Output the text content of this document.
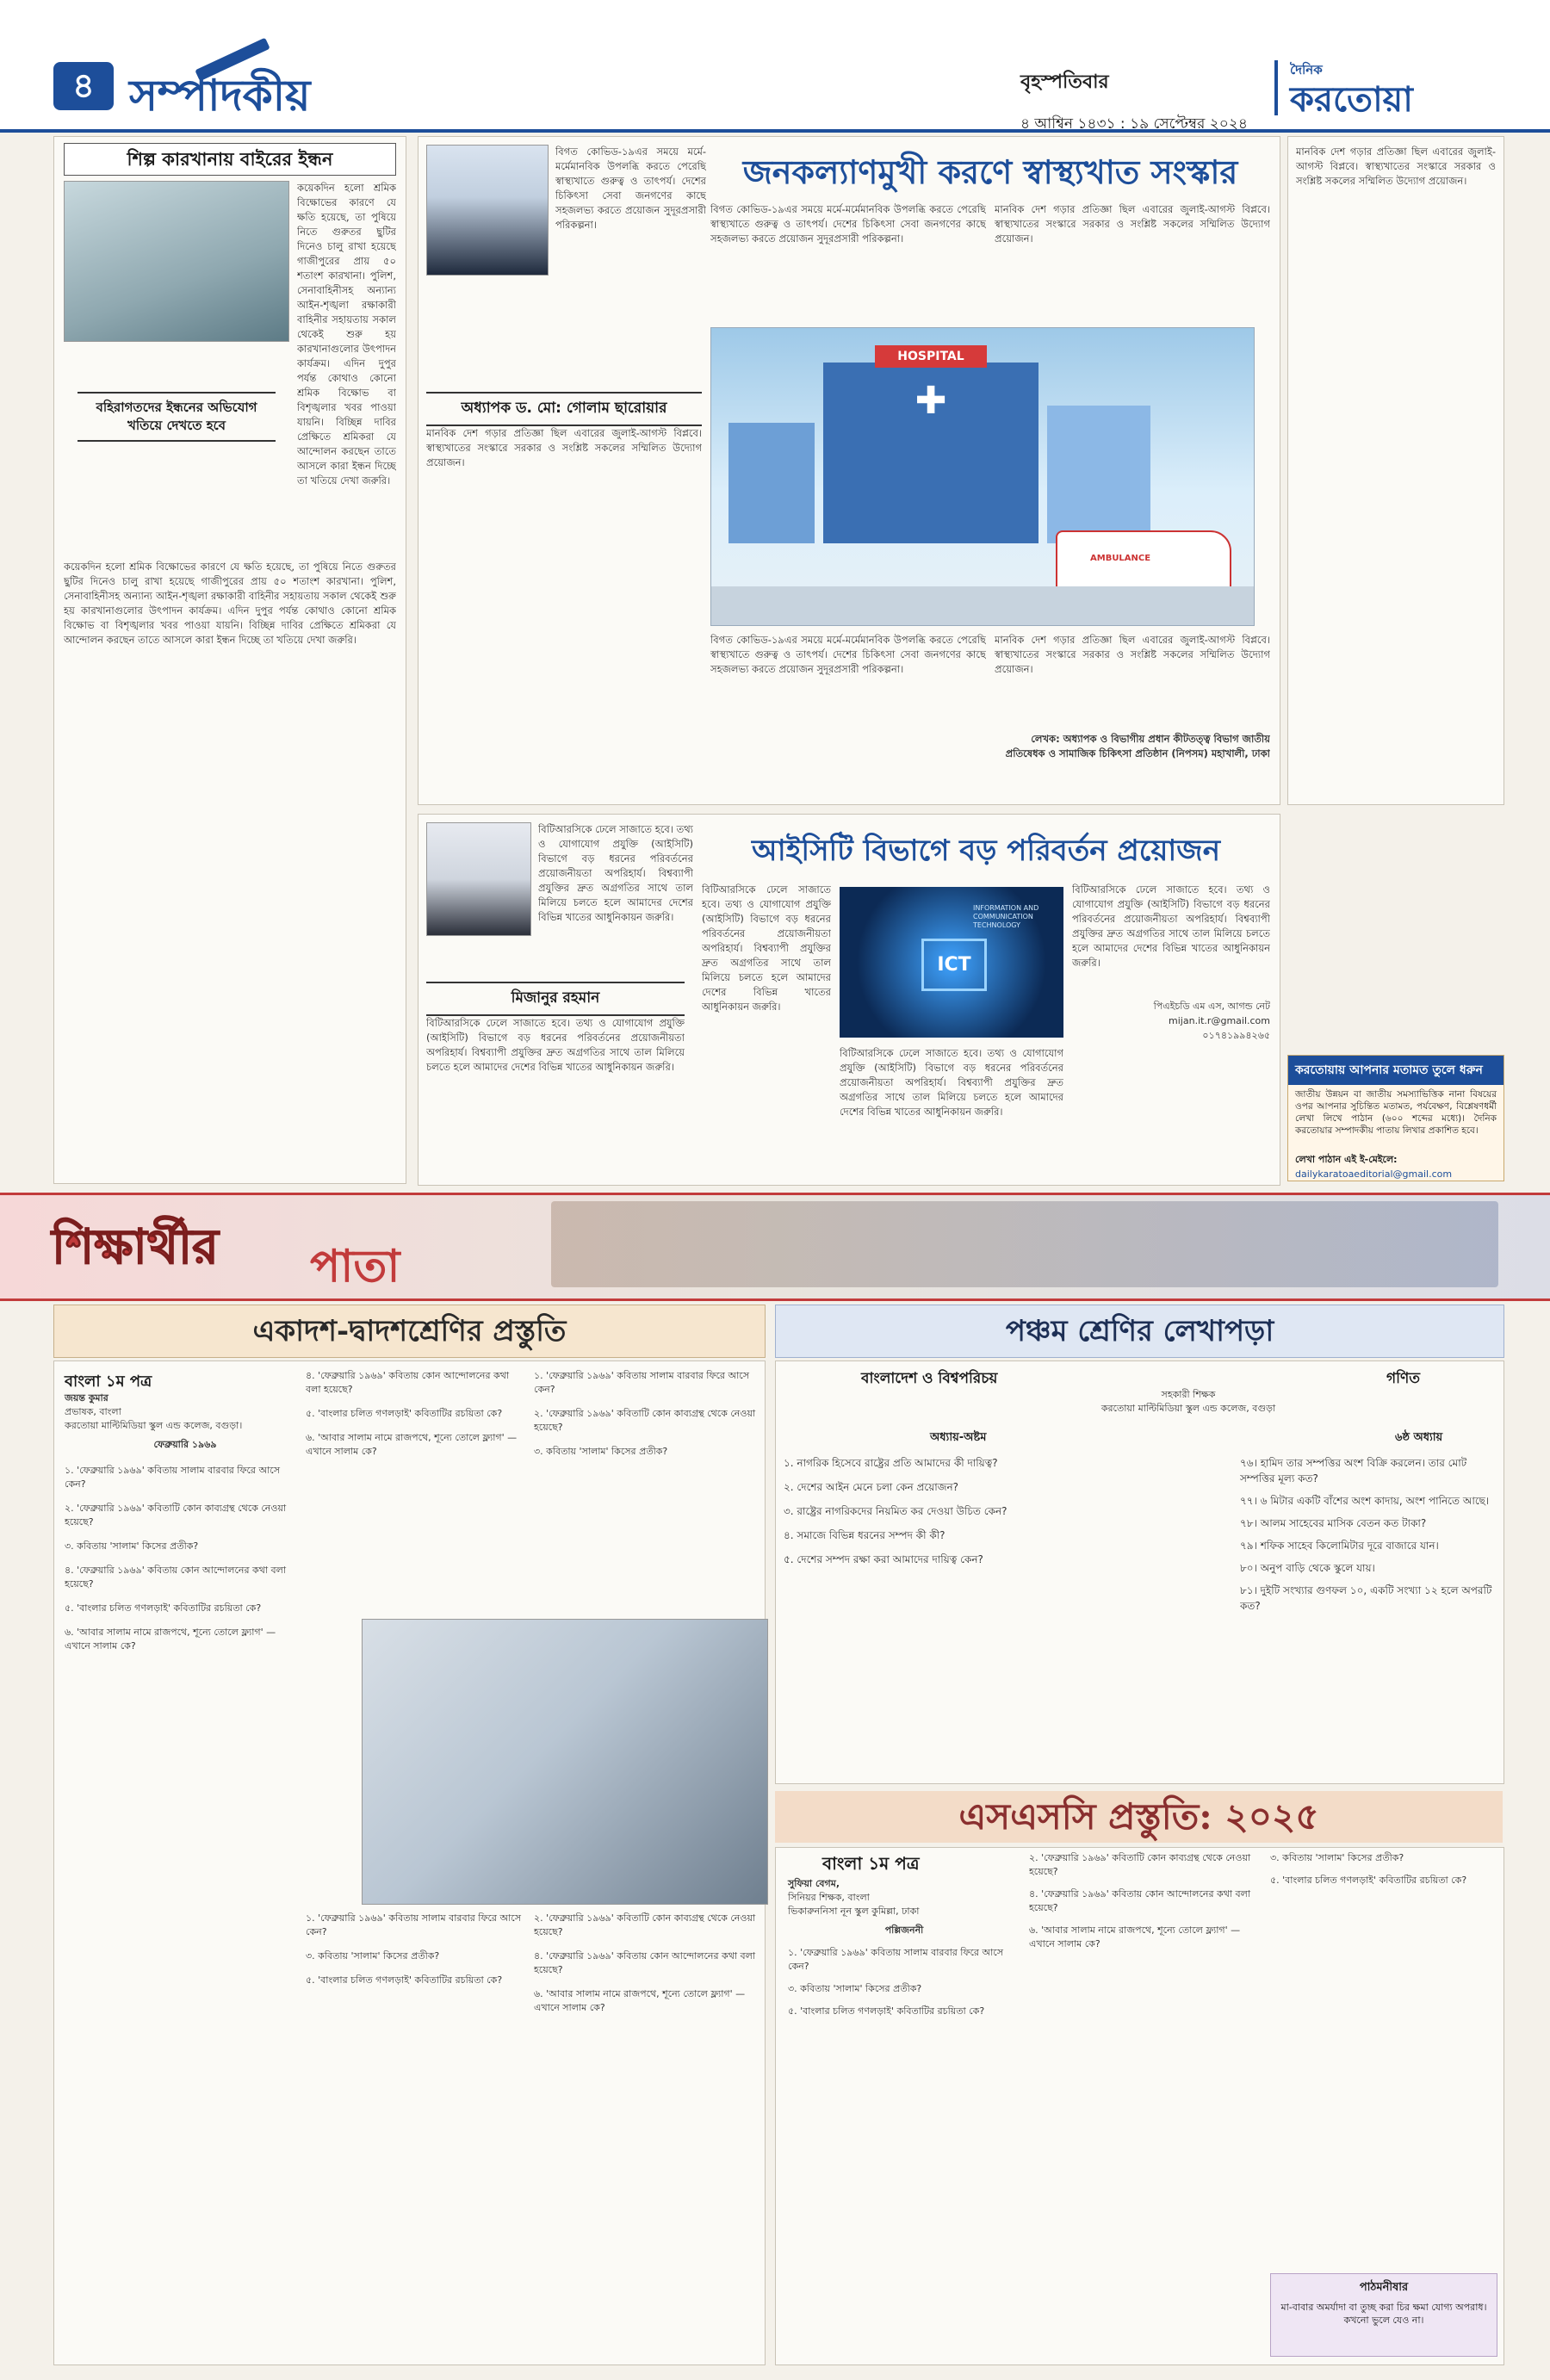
৪ সম্পাদকীয়	বৃহস্পতিবার
৪ আশ্বিন ১৪৩১ : ১৯ সেপ্টেম্বর ২০২৪
দৈনিক
করতোয়া
শিল্প কারখানায় বাইরের ইন্ধন
কয়েকদিন হলো শ্রমিক বিক্ষোভের কারণে যে ক্ষতি হয়েছে, তা পুষিয়ে নিতে গুরুতর ছুটির দিনেও চালু রাখা হয়েছে গাজীপুরের প্রায় ৫০ শতাংশ কারখানা। পুলিশ, সেনাবাহিনীসহ অন্যান্য আইন-শৃঙ্খলা রক্ষাকারী বাহিনীর সহায়তায় সকাল থেকেই শুরু হয় কারখানাগুলোর উৎপাদন কার্যক্রম। এদিন দুপুর পর্যন্ত কোথাও কোনো শ্রমিক বিক্ষোভ বা বিশৃঙ্খলার খবর পাওয়া যায়নি। বিচ্ছিন্ন দাবির প্রেক্ষিতে শ্রমিকরা যে আন্দোলন করছেন তাতে আসলে কারা ইন্ধন দিচ্ছে তা খতিয়ে দেখা জরুরি।
বহিরাগতদের ইন্ধনের অভিযোগ খতিয়ে দেখতে হবে
কয়েকদিন হলো শ্রমিক বিক্ষোভের কারণে যে ক্ষতি হয়েছে, তা পুষিয়ে নিতে গুরুতর ছুটির দিনেও চালু রাখা হয়েছে গাজীপুরের প্রায় ৫০ শতাংশ কারখানা। পুলিশ, সেনাবাহিনীসহ অন্যান্য আইন-শৃঙ্খলা রক্ষাকারী বাহিনীর সহায়তায় সকাল থেকেই শুরু হয় কারখানাগুলোর উৎপাদন কার্যক্রম। এদিন দুপুর পর্যন্ত কোথাও কোনো শ্রমিক বিক্ষোভ বা বিশৃঙ্খলার খবর পাওয়া যায়নি। বিচ্ছিন্ন দাবির প্রেক্ষিতে শ্রমিকরা যে আন্দোলন করছেন তাতে আসলে কারা ইন্ধন দিচ্ছে তা খতিয়ে দেখা জরুরি।
বিগত কোভিড-১৯এর সময়ে মর্মে-মর্মেমানবিক উপলব্ধি করতে পেরেছি স্বাস্থ্যখাতে গুরুত্ব ও তাৎপর্য। দেশের চিকিৎসা সেবা জনগণের কাছে সহজলভ্য করতে প্রয়োজন সুদূরপ্রসারী পরিকল্পনা।
জনকল্যাণমুখী করণে স্বাস্থ্যখাত সংস্কার
বিগত কোভিড-১৯এর সময়ে মর্মে-মর্মেমানবিক উপলব্ধি করতে পেরেছি স্বাস্থ্যখাতে গুরুত্ব ও তাৎপর্য। দেশের চিকিৎসা সেবা জনগণের কাছে সহজলভ্য করতে প্রয়োজন সুদূরপ্রসারী পরিকল্পনা।
মানবিক দেশ গড়ার প্রতিজ্ঞা ছিল এবারের জুলাই-আগস্ট বিপ্লবে। স্বাস্থ্যখাতের সংস্কারে সরকার ও সংশ্লিষ্ট সকলের সম্মিলিত উদ্যোগ প্রয়োজন।
অধ্যাপক ড. মো: গোলাম ছারোয়ার
মানবিক দেশ গড়ার প্রতিজ্ঞা ছিল এবারের জুলাই-আগস্ট বিপ্লবে। স্বাস্থ্যখাতের সংস্কারে সরকার ও সংশ্লিষ্ট সকলের সম্মিলিত উদ্যোগ প্রয়োজন।
HOSPITAL
✚
AMBULANCE
বিগত কোভিড-১৯এর সময়ে মর্মে-মর্মেমানবিক উপলব্ধি করতে পেরেছি স্বাস্থ্যখাতে গুরুত্ব ও তাৎপর্য। দেশের চিকিৎসা সেবা জনগণের কাছে সহজলভ্য করতে প্রয়োজন সুদূরপ্রসারী পরিকল্পনা।
মানবিক দেশ গড়ার প্রতিজ্ঞা ছিল এবারের জুলাই-আগস্ট বিপ্লবে। স্বাস্থ্যখাতের সংস্কারে সরকার ও সংশ্লিষ্ট সকলের সম্মিলিত উদ্যোগ প্রয়োজন।
লেখক: অধ্যাপক ও বিভাগীয় প্রধান কীটতত্ত্ব বিভাগ জাতীয় প্রতিষেধক ও সামাজিক চিকিৎসা প্রতিষ্ঠান (নিপসম) মহাখালী, ঢাকা
মানবিক দেশ গড়ার প্রতিজ্ঞা ছিল এবারের জুলাই-আগস্ট বিপ্লবে। স্বাস্থ্যখাতের সংস্কারে সরকার ও সংশ্লিষ্ট সকলের সম্মিলিত উদ্যোগ প্রয়োজন।
বিটিআরসিকে ঢেলে সাজাতে হবে। তথ্য ও যোগাযোগ প্রযুক্তি (আইসিটি) বিভাগে বড় ধরনের পরিবর্তনের প্রয়োজনীয়তা অপরিহার্য। বিশ্বব্যাপী প্রযুক্তির দ্রুত অগ্রগতির সাথে তাল মিলিয়ে চলতে হলে আমাদের দেশের বিভিন্ন খাতের আধুনিকায়ন জরুরি।
আইসিটি বিভাগে বড় পরিবর্তন প্রয়োজন
মিজানুর রহমান
বিটিআরসিকে ঢেলে সাজাতে হবে। তথ্য ও যোগাযোগ প্রযুক্তি (আইসিটি) বিভাগে বড় ধরনের পরিবর্তনের প্রয়োজনীয়তা অপরিহার্য। বিশ্বব্যাপী প্রযুক্তির দ্রুত অগ্রগতির সাথে তাল মিলিয়ে চলতে হলে আমাদের দেশের বিভিন্ন খাতের আধুনিকায়ন জরুরি।
বিটিআরসিকে ঢেলে সাজাতে হবে। তথ্য ও যোগাযোগ প্রযুক্তি (আইসিটি) বিভাগে বড় ধরনের পরিবর্তনের প্রয়োজনীয়তা অপরিহার্য। বিশ্বব্যাপী প্রযুক্তির দ্রুত অগ্রগতির সাথে তাল মিলিয়ে চলতে হলে আমাদের দেশের বিভিন্ন খাতের আধুনিকায়ন জরুরি।
ICT
INFORMATION AND COMMUNICATION TECHNOLOGY
বিটিআরসিকে ঢেলে সাজাতে হবে। তথ্য ও যোগাযোগ প্রযুক্তি (আইসিটি) বিভাগে বড় ধরনের পরিবর্তনের প্রয়োজনীয়তা অপরিহার্য। বিশ্বব্যাপী প্রযুক্তির দ্রুত অগ্রগতির সাথে তাল মিলিয়ে চলতে হলে আমাদের দেশের বিভিন্ন খাতের আধুনিকায়ন জরুরি।
বিটিআরসিকে ঢেলে সাজাতে হবে। তথ্য ও যোগাযোগ প্রযুক্তি (আইসিটি) বিভাগে বড় ধরনের পরিবর্তনের প্রয়োজনীয়তা অপরিহার্য। বিশ্বব্যাপী প্রযুক্তির দ্রুত অগ্রগতির সাথে তাল মিলিয়ে চলতে হলে আমাদের দেশের বিভিন্ন খাতের আধুনিকায়ন জরুরি।
পিএইচডি এম এস, আগন্ড নেট
mijan.it.r@gmail.com
০১৭৪১৯৯৪২৬৫
করতোয়ায় আপনার মতামত তুলে ধরুন
জাতীয় উন্নয়ন বা জাতীয় সমস্যাভিত্তিক নানা বিষয়ের ওপর আপনার সুচিন্তিত মতামত, পর্যবেক্ষণ, বিশ্লেষণধর্মী লেখা লিখে পাঠান (৬০০ শব্দের মধ্যে)। দৈনিক করতোয়ার সম্পাদকীয় পাতায় লিখার প্রকাশিত হবে।
লেখা পাঠান এই ই-মেইলে:
dailykaratoaeditorial@gmail.com
শিক্ষার্থীর পাতা
একাদশ-দ্বাদশশ্রেণির প্রস্তুতি
বাংলা ১ম পত্র
জয়ন্ত কুমার
প্রভাষক, বাংলা
করতোয়া মাল্টিমিডিয়া স্কুল এন্ড কলেজ, বগুড়া।
ফেব্রুয়ারি ১৯৬৯
১. 'ফেব্রুয়ারি ১৯৬৯' কবিতায় সালাম বারবার ফিরে আসে কেন?
২. 'ফেব্রুয়ারি ১৯৬৯' কবিতাটি কোন কাব্যগ্রন্থ থেকে নেওয়া হয়েছে?
৩. কবিতায় 'সালাম' কিসের প্রতীক?
৪. 'ফেব্রুয়ারি ১৯৬৯' কবিতায় কোন আন্দোলনের কথা বলা হয়েছে?
৫. 'বাংলার চলিত গণলড়াই' কবিতাটির রচয়িতা কে?
৬. 'আবার সালাম নামে রাজপথে, শূন্যে তোলে ফ্ল্যাগ' — এখানে সালাম কে?
৪. 'ফেব্রুয়ারি ১৯৬৯' কবিতায় কোন আন্দোলনের কথা বলা হয়েছে?
৫. 'বাংলার চলিত গণলড়াই' কবিতাটির রচয়িতা কে?
৬. 'আবার সালাম নামে রাজপথে, শূন্যে তোলে ফ্ল্যাগ' — এখানে সালাম কে?
১. 'ফেব্রুয়ারি ১৯৬৯' কবিতায় সালাম বারবার ফিরে আসে কেন?
২. 'ফেব্রুয়ারি ১৯৬৯' কবিতাটি কোন কাব্যগ্রন্থ থেকে নেওয়া হয়েছে?
৩. কবিতায় 'সালাম' কিসের প্রতীক?
১. 'ফেব্রুয়ারি ১৯৬৯' কবিতায় সালাম বারবার ফিরে আসে কেন?
৩. কবিতায় 'সালাম' কিসের প্রতীক?
৫. 'বাংলার চলিত গণলড়াই' কবিতাটির রচয়িতা কে?
২. 'ফেব্রুয়ারি ১৯৬৯' কবিতাটি কোন কাব্যগ্রন্থ থেকে নেওয়া হয়েছে?
৪. 'ফেব্রুয়ারি ১৯৬৯' কবিতায় কোন আন্দোলনের কথা বলা হয়েছে?
৬. 'আবার সালাম নামে রাজপথে, শূন্যে তোলে ফ্ল্যাগ' — এখানে সালাম কে?
পঞ্চম শ্রেণির লেখাপড়া
বাংলাদেশ ও বিশ্বপরিচয়	গণিত
সহকারী শিক্ষক
করতোয়া মাল্টিমিডিয়া স্কুল এন্ড কলেজ, বগুড়া
অধ্যায়-অষ্টম	৬ষ্ঠ অধ্যায়
১. নাগরিক হিসেবে রাষ্ট্রের প্রতি আমাদের কী দায়িত্ব?
২. দেশের আইন মেনে চলা কেন প্রয়োজন?
৩. রাষ্ট্রের নাগরিকদের নিয়মিত কর দেওয়া উচিত কেন?
৪. সমাজে বিভিন্ন ধরনের সম্পদ কী কী?
৫. দেশের সম্পদ রক্ষা করা আমাদের দায়িত্ব কেন?
৭৬। হামিদ তার সম্পত্তির অংশ বিক্রি করলেন। তার মোট সম্পত্তির মূল্য কত?
৭৭। ৬ মিটার একটি বাঁশের অংশ কাদায়, অংশ পানিতে আছে।
৭৮। আলম সাহেবের মাসিক বেতন কত টাকা?
৭৯। শফিক সাহেব কিলোমিটার দূরে বাজারে যান।
৮০। অনুপ বাড়ি থেকে স্কুলে যায়।
৮১। দুইটি সংখ্যার গুণফল ১০, একটি সংখ্যা ১২ হলে অপরটি কত?
এসএসসি প্রস্তুতি: ২০২৫
বাংলা ১ম পত্র
সুফিয়া বেগম,
সিনিয়র শিক্ষক, বাংলা
ভিকারুননিসা নূন স্কুল কুমিল্লা, ঢাকা
পল্লিজননী
১. 'ফেব্রুয়ারি ১৯৬৯' কবিতায় সালাম বারবার ফিরে আসে কেন?
৩. কবিতায় 'সালাম' কিসের প্রতীক?
৫. 'বাংলার চলিত গণলড়াই' কবিতাটির রচয়িতা কে?
২. 'ফেব্রুয়ারি ১৯৬৯' কবিতাটি কোন কাব্যগ্রন্থ থেকে নেওয়া হয়েছে?
৪. 'ফেব্রুয়ারি ১৯৬৯' কবিতায় কোন আন্দোলনের কথা বলা হয়েছে?
৬. 'আবার সালাম নামে রাজপথে, শূন্যে তোলে ফ্ল্যাগ' — এখানে সালাম কে?
৩. কবিতায় 'সালাম' কিসের প্রতীক?
৫. 'বাংলার চলিত গণলড়াই' কবিতাটির রচয়িতা কে?
পাঠমনীষার
মা-বাবার অমর্যাদা বা তুচ্ছ করা চির ক্ষমা যোগ্য অপরাধ। কখনো ভুলে যেও না।
